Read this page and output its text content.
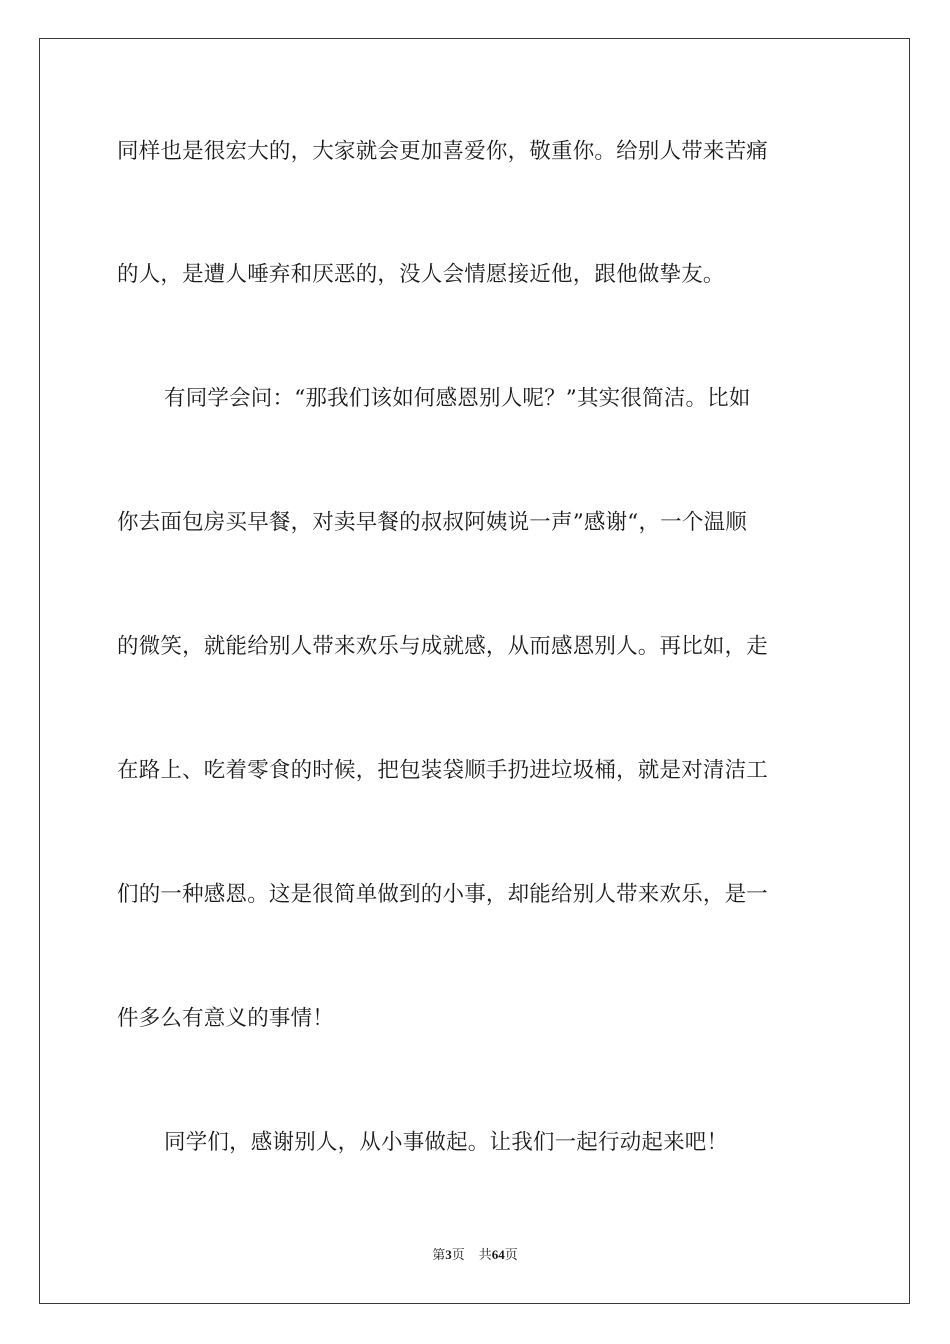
同样也是很宏大的，大家就会更加喜爱你，敬重你。给别人带来苦痛
的人，是遭人唾弃和厌恶的，没人会情愿接近他，跟他做挚友。
有同学会问：“那我们该如何感恩别人呢？”其实很简洁。比如
你去面包房买早餐，对卖早餐的叔叔阿姨说一声”感谢“，一个温顺
的微笑，就能给别人带来欢乐与成就感，从而感恩别人。再比如，走
在路上、吃着零食的时候，把包装袋顺手扔进垃圾桶，就是对清洁工
们的一种感恩。这是很简单做到的小事，却能给别人带来欢乐，是一
件多么有意义的事情！
同学们，感谢别人，从小事做起。让我们一起行动起来吧！
第3页 共64页
